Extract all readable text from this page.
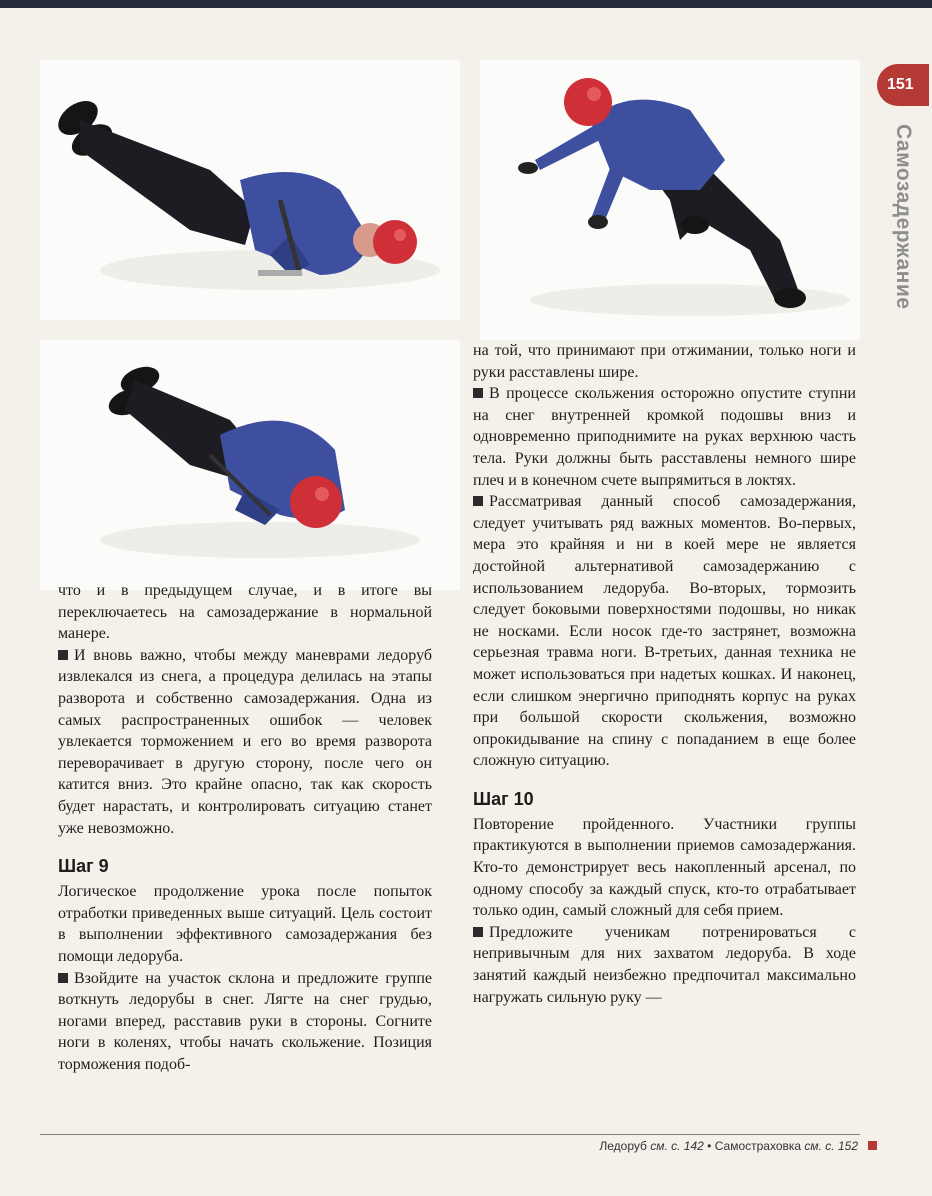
151
Самозадержание

что и в предыдущем случае, и в итоге вы переключаетесь на самозадержание в нормальной манере.

И вновь важно, чтобы между маневрами ледоруб извлекался из снега, а процедура делилась на этапы разворота и собственно самозадержания. Одна из самых распространенных ошибок — человек увлекается торможением и его во время разворота переворачивает в другую сторону, после чего он катится вниз. Это крайне опасно, так как скорость будет нарастать, и контролировать ситуацию станет уже невозможно.

Шаг 9

Логическое продолжение урока после попыток отработки приведенных выше ситуаций. Цель состоит в выполнении эффективного самозадержания без помощи ледоруба.

Взойдите на участок склона и предложите группе воткнуть ледорубы в снег. Лягте на снег грудью, ногами вперед, расставив руки в стороны. Согните ноги в коленях, чтобы начать скольжение. Позиция торможения подоб-

на той, что принимают при отжимании, только ноги и руки расставлены шире.

В процессе скольжения осторожно опустите ступни на снег внутренней кромкой подошвы вниз и одновременно приподнимите на руках верхнюю часть тела. Руки должны быть расставлены немного шире плеч и в конечном счете выпрямиться в локтях.

Рассматривая данный способ самозадержания, следует учитывать ряд важных моментов. Во-первых, мера это крайняя и ни в коей мере не является достойной альтернативой самозадержанию с использованием ледоруба. Во-вторых, тормозить следует боковыми поверхностями подошвы, но никак не носками. Если носок где-то застрянет, возможна серьезная травма ноги. В-третьих, данная техника не может использоваться при надетых кошках. И наконец, если слишком энергично приподнять корпус на руках при большой скорости скольжения, возможно опрокидывание на спину с попаданием в еще более сложную ситуацию.

Шаг 10

Повторение пройденного. Участники группы практикуются в выполнении приемов самозадержания. Кто-то демонстрирует весь накопленный арсенал, по одному способу за каждый спуск, кто-то отрабатывает только один, самый сложный для себя прием.

Предложите ученикам потренироваться с непривычным для них захватом ледоруба. В ходе занятий каждый неизбежно предпочитал максимально нагружать сильную руку —

Ледоруб см. с. 142 • Самостраховка см. с. 152
